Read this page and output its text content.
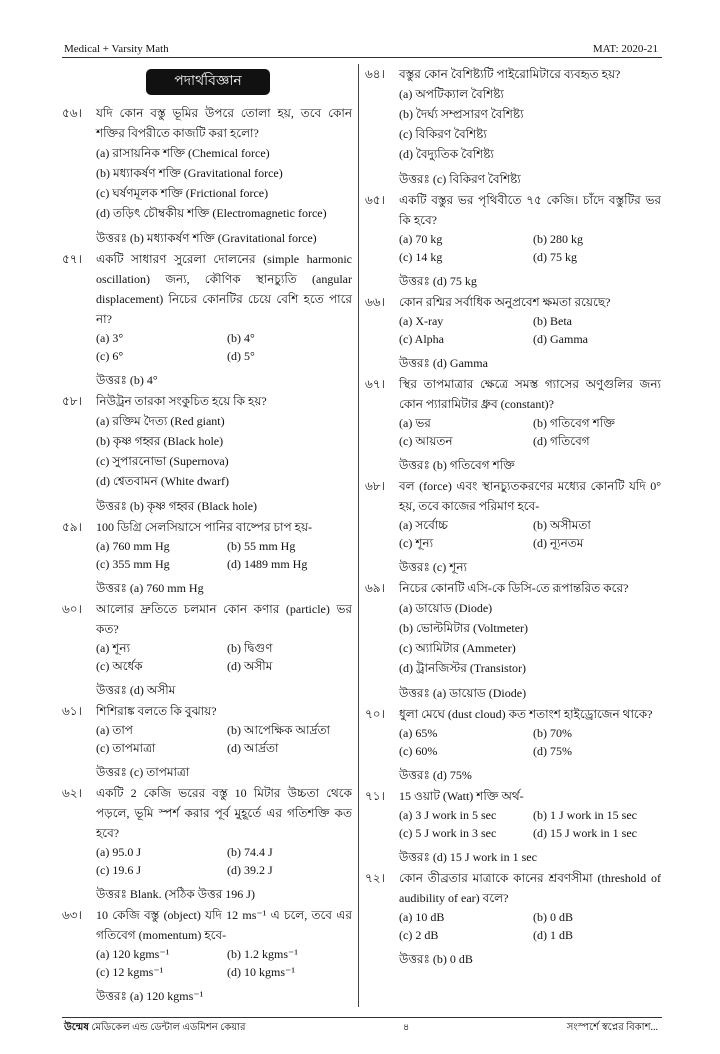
Medical + Varsity Math	MAT: 2020-21
পদার্থবিজ্ঞান
৫৬। যদি কোন বস্তু ভূমির উপরে তোলা হয়, তবে কোন শক্তির বিপরীতে কাজটি করা হলো?
(a) রাসায়নিক শক্তি (Chemical force)
(b) মধ্যাকর্ষণ শক্তি (Gravitational force)
(c) ঘর্ষণমূলক শক্তি (Frictional force)
(d) তড়িৎ চৌম্বকীয় শক্তি (Electromagnetic force)
উত্তরঃ (b) মধ্যাকর্ষণ শক্তি (Gravitational force)
৫৭। একটি সাধারণ সুরেলা দোলনের (simple harmonic oscillation) জন্য, কৌণিক স্থানচ্যুতি (angular displacement) নিচের কোনটির চেয়ে বেশি হতে পারে না?
(a) 3°	(b) 4°
(c) 6°	(d) 5°
উত্তরঃ (b) 4°
৫৮। নিউট্রন তারকা সংকুচিত হয়ে কি হয়?
(a) রক্তিম দৈত্য (Red giant)
(b) কৃষ্ণ গহ্বর (Black hole)
(c) সুপারনোভা (Supernova)
(d) শ্বেতবামন (White dwarf)
উত্তরঃ (b) কৃষ্ণ গহ্বর (Black hole)
৫৯। 100 ডিগ্রি সেলসিয়াসে পানির বাষ্পের চাপ হয়-
(a) 760 mm Hg	(b) 55 mm Hg
(c) 355 mm Hg	(d) 1489 mm Hg
উত্তরঃ (a) 760 mm Hg
৬০। আলোর দ্রুতিতে চলমান কোন কণার (particle) ভর কত?
(a) শূন্য	(b) দ্বিগুণ
(c) অর্ধেক	(d) অসীম
উত্তরঃ (d) অসীম
৬১। শিশিরাঙ্ক বলতে কি বুঝায়?
(a) তাপ	(b) আপেক্ষিক আর্দ্রতা
(c) তাপমাত্রা	(d) আর্দ্রতা
উত্তরঃ (c) তাপমাত্রা
৬২। একটি 2 কেজি ভরের বস্তু 10 মিটার উচ্চতা থেকে পড়লে, ভূমি স্পর্শ করার পূর্ব মুহূর্তে এর গতিশক্তি কত হবে?
(a) 95.0 J	(b) 74.4 J
(c) 19.6 J	(d) 39.2 J
উত্তরঃ Blank. (সঠিক উত্তর 196 J)
৬৩। 10 কেজি বস্তু (object) যদি 12 ms⁻¹ এ চলে, তবে এর গতিবেগ (momentum) হবে-
(a) 120 kgms⁻¹	(b) 1.2 kgms⁻¹
(c) 12 kgms⁻¹	(d) 10 kgms⁻¹
উত্তরঃ (a) 120 kgms⁻¹
৬৪। বস্তুর কোন বৈশিষ্ট্যটি পাইরোমিটারে ব্যবহৃত হয়?
(a) অপটিক্যাল বৈশিষ্ট্য
(b) দৈর্ঘ্য সম্প্রসারণ বৈশিষ্ট্য
(c) বিকিরণ বৈশিষ্ট্য
(d) বৈদ্যুতিক বৈশিষ্ট্য
উত্তরঃ (c) বিকিরণ বৈশিষ্ট্য
৬৫। একটি বস্তুর ভর পৃথিবীতে ৭৫ কেজি। চাঁদে বস্তুটির ভর কি হবে?
(a) 70 kg	(b) 280 kg
(c) 14 kg	(d) 75 kg
উত্তরঃ (d) 75 kg
৬৬। কোন রশ্মির সর্বাধিক অনুপ্রবেশ ক্ষমতা রয়েছে?
(a) X-ray	(b) Beta
(c) Alpha	(d) Gamma
উত্তরঃ (d) Gamma
৬৭। স্থির তাপমাত্রার ক্ষেত্রে সমস্ত গ্যাসের অণুগুলির জন্য কোন প্যারামিটার ধ্রুব (constant)?
(a) ভর	(b) গতিবেগ শক্তি
(c) আয়তন	(d) গতিবেগ
উত্তরঃ (b) গতিবেগ শক্তি
৬৮। বল (force) এবং স্থানচ্যুতকরণের মধ্যের কোনটি যদি 0° হয়, তবে কাজের পরিমাণ হবে-
(a) সর্বোচ্চ	(b) অসীমতা
(c) শূন্য	(d) ন্যূনতম
উত্তরঃ (c) শূন্য
৬৯। নিচের কোনটি এসি-কে ডিসি-তে রূপান্তরিত করে?
(a) ডায়োড (Diode)
(b) ভোল্টমিটার (Voltmeter)
(c) অ্যামিটার (Ammeter)
(d) ট্রানজিস্টর (Transistor)
উত্তরঃ (a) ডায়োড (Diode)
৭০। ধুলা মেঘে (dust cloud) কত শতাংশ হাইড্রোজেন থাকে?
(a) 65%	(b) 70%
(c) 60%	(d) 75%
উত্তরঃ (d) 75%
৭১। 15 ওয়াট (Watt) শক্তি অর্থ-
(a) 3 J work in 5 sec	(b) 1 J work in 15 sec
(c) 5 J work in 3 sec	(d) 15 J work in 1 sec
উত্তরঃ (d) 15 J work in 1 sec
৭২। কোন তীব্রতার মাত্রাকে কানের শ্রবণসীমা (threshold of audibility of ear) বলে?
(a) 10 dB	(b) 0 dB
(c) 2 dB	(d) 1 dB
উত্তরঃ (b) 0 dB
উন্মেষ মেডিকেল এন্ড ডেন্টাল এডমিশন কেয়ার	৪	সংস্পর্শে স্বপ্নের বিকাশ...
